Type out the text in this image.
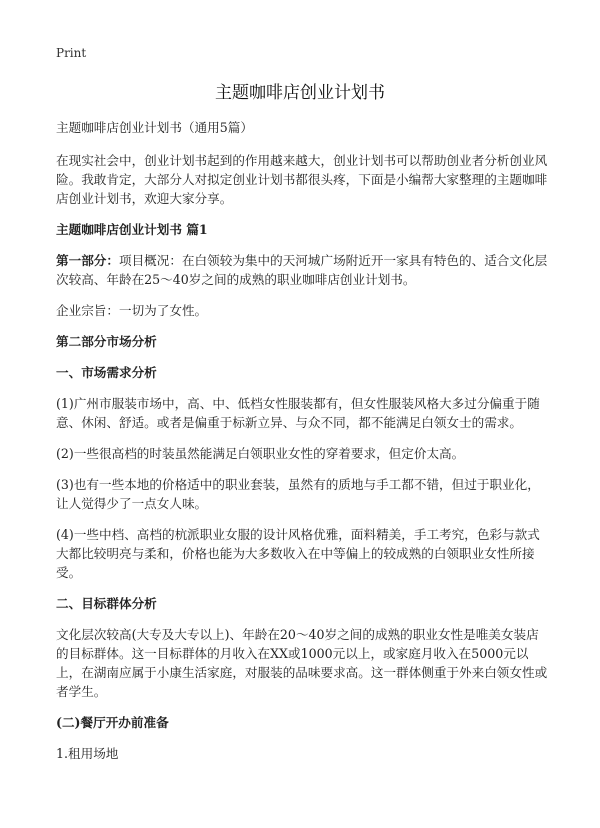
Print
主题咖啡店创业计划书

主题咖啡店创业计划书（通用5篇）

在现实社会中，创业计划书起到的作用越来越大，创业计划书可以帮助创业者分析创业风险。我敢肯定，大部分人对拟定创业计划书都很头疼，下面是小编帮大家整理的主题咖啡店创业计划书，欢迎大家分享。

主题咖啡店创业计划书 篇1

第一部分：项目概况：在白领较为集中的天河城广场附近开一家具有特色的、适合文化层次较高、年龄在25～40岁之间的成熟的职业咖啡店创业计划书。

企业宗旨：一切为了女性。

第二部分市场分析

一、市场需求分析

(1)广州市服装市场中，高、中、低档女性服装都有，但女性服装风格大多过分偏重于随意、休闲、舒适。或者是偏重于标新立异、与众不同，都不能满足白领女士的需求。

(2)一些很高档的时装虽然能满足白领职业女性的穿着要求，但定价太高。

(3)也有一些本地的价格适中的职业套装，虽然有的质地与手工都不错，但过于职业化，让人觉得少了一点女人味。

(4)一些中档、高档的杭派职业女服的设计风格优雅，面料精美，手工考究，色彩与款式大都比较明亮与柔和，价格也能为大多数收入在中等偏上的较成熟的白领职业女性所接受。

二、目标群体分析

文化层次较高(大专及大专以上)、年龄在20～40岁之间的成熟的职业女性是唯美女装店的目标群体。这一目标群体的月收入在XX或1000元以上，或家庭月收入在5000元以上，在湖南应属于小康生活家庭，对服装的品味要求高。这一群体侧重于外来白领女性或者学生。

(二)餐厅开办前准备

1.租用场地
